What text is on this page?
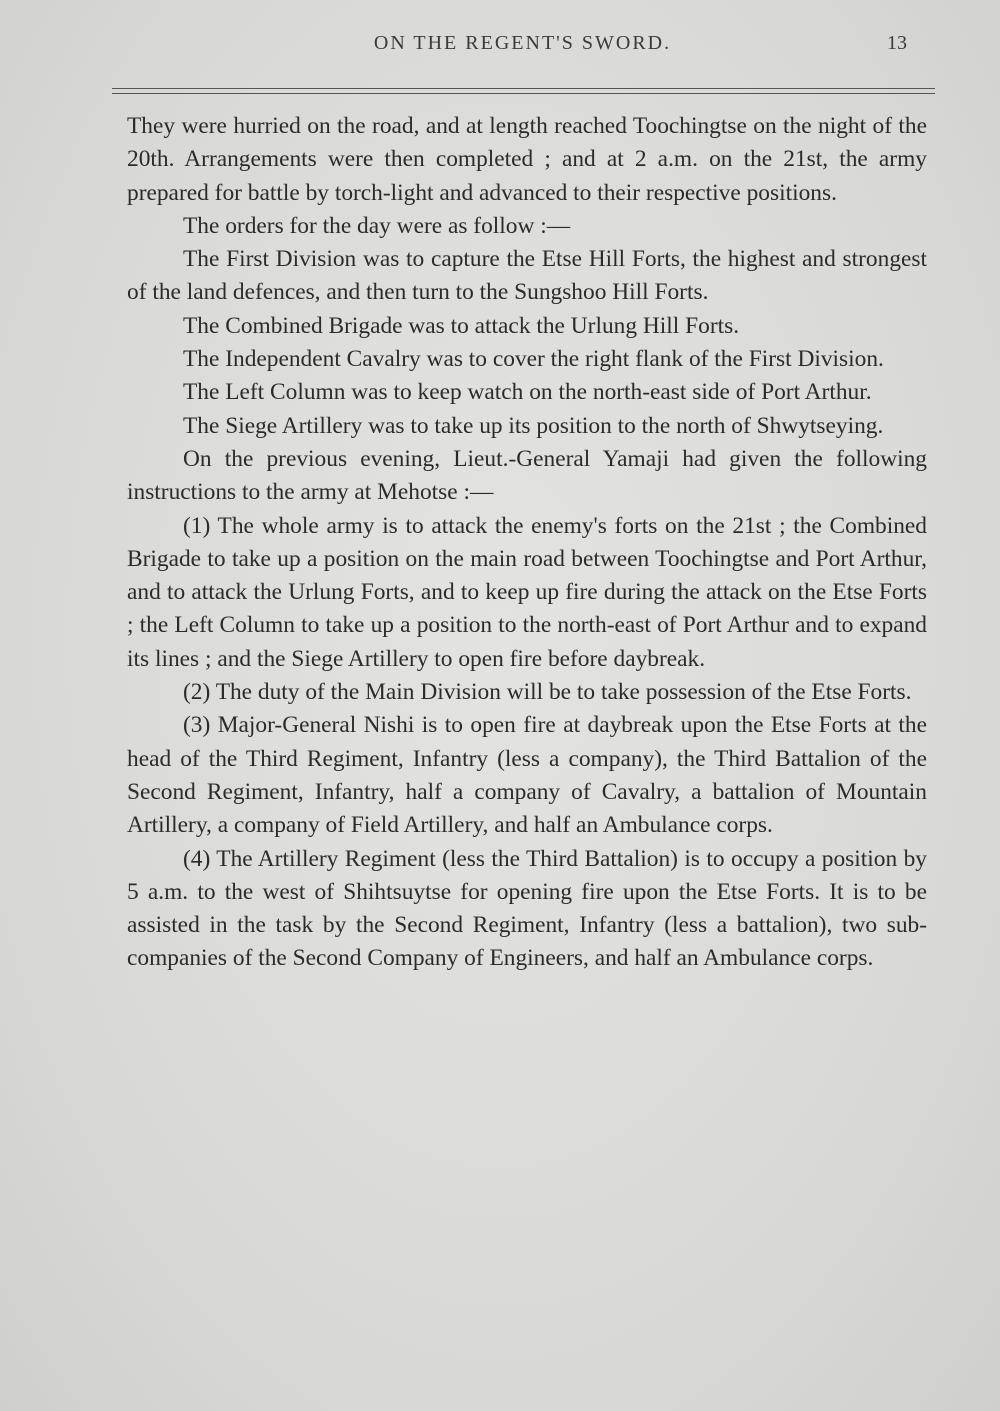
ON THE REGENT'S SWORD.	13

They were hurried on the road, and at length reached Toochingtse on the night of the 20th. Arrangements were then completed ; and at 2 a.m. on the 21st, the army prepared for battle by torch-light and advanced to their respective positions.

The orders for the day were as follow :—

The First Division was to capture the Etse Hill Forts, the highest and strongest of the land defences, and then turn to the Sungshoo Hill Forts.

The Combined Brigade was to attack the Urlung Hill Forts.

The Independent Cavalry was to cover the right flank of the First Division.

The Left Column was to keep watch on the north-east side of Port Arthur.

The Siege Artillery was to take up its position to the north of Shwytseying.

On the previous evening, Lieut.-General Yamaji had given the following instructions to the army at Mehotse :—

(1) The whole army is to attack the enemy's forts on the 21st ; the Combined Brigade to take up a position on the main road between Toochingtse and Port Arthur, and to attack the Urlung Forts, and to keep up fire during the attack on the Etse Forts ; the Left Column to take up a position to the north-east of Port Arthur and to expand its lines ; and the Siege Artillery to open fire before daybreak.

(2) The duty of the Main Division will be to take possession of the Etse Forts.

(3) Major-General Nishi is to open fire at daybreak upon the Etse Forts at the head of the Third Regiment, Infantry (less a company), the Third Battalion of the Second Regiment, Infantry, half a company of Cavalry, a battalion of Mountain Artillery, a company of Field Artillery, and half an Ambulance corps.

(4) The Artillery Regiment (less the Third Battalion) is to occupy a position by 5 a.m. to the west of Shihtsuytse for opening fire upon the Etse Forts. It is to be assisted in the task by the Second Regiment, Infantry (less a battalion), two sub-companies of the Second Company of Engineers, and half an Ambulance corps.
